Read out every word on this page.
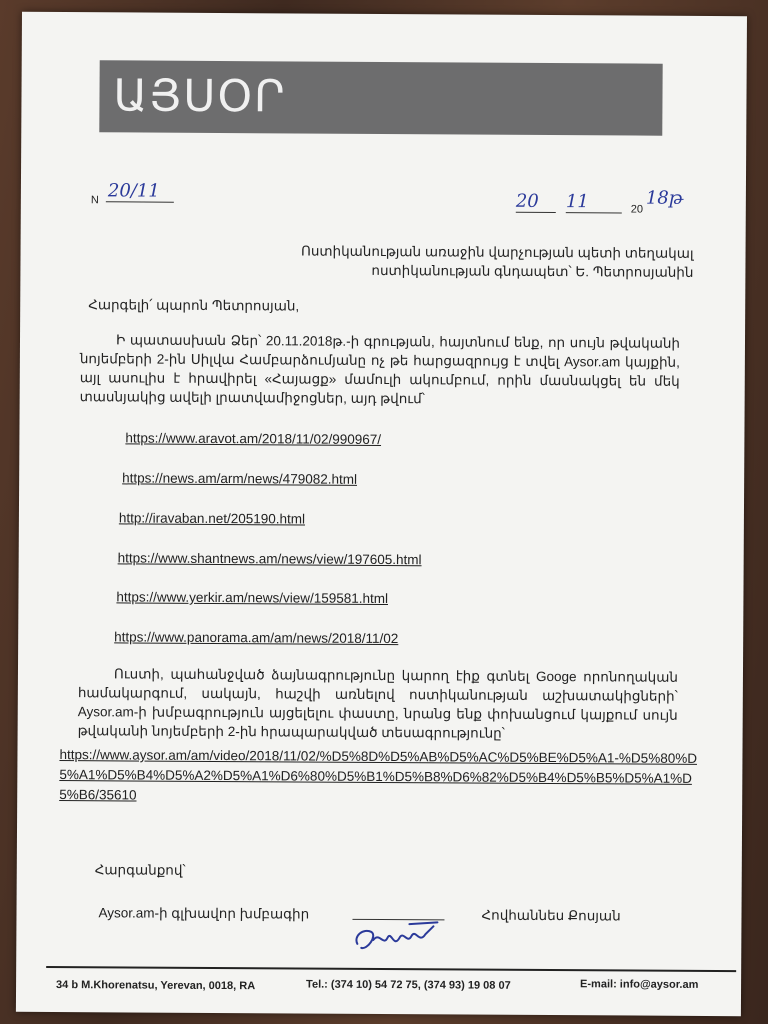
ԱՅՍՕՐ
N 20/11	20	11	20
18թ
Ոստիկանության առաջին վարչության պետի տեղակալ
ոստիկանության գնդապետ՝ Ե. Պետրոսյանին
Հարգելի՛ պարոն Պետրոսյան,
Ի պատասխան Ձեր՝ 20.11.2018թ.-ի գրության, հայտնում ենք, որ սույն թվականի նոյեմբերի 2-ին Սիլվա Համբարձումյանը ոչ թե հարցազրույց է տվել Aysor.am կայքին, այլ ասուլիս է հրավիրել «Հայացք» մամուլի ակումբում, որին մասնակցել են մեկ տասնյակից ավելի լրատվամիջոցներ, այդ թվում՝
https://www.aravot.am/2018/11/02/990967/
https://news.am/arm/news/479082.html
http://iravaban.net/205190.html
https://www.shantnews.am/news/view/197605.html
https://www.yerkir.am/news/view/159581.html
https://www.panorama.am/am/news/2018/11/02
Ուստի, պահանջված ձայնագրությունը կարող էիք գտնել Googe որոնողական համակարգում, սակայն, հաշվի առնելով ոստիկանության աշխատակիցների՝ Aysor.am-ի խմբագրություն այցելելու փաստը, նրանց ենք փոխանցում կայքում սույն թվականի նոյեմբերի 2-ին հրապարակված տեսագրությունը՝
https://www.aysor.am/am/video/2018/11/02/%D5%8D%D5%AB%D5%AC%D5%BE%D5%A1-%D5%80%D5%A1%D5%B4%D5%A2%D5%A1%D6%80%D5%B1%D5%B8%D6%82%D5%B4%D5%B5%D5%A1%D5%B6/35610
Հարգանքով՝
Aysor.am-ի գլխավոր խմբագիր	Հովհաննես Քոսյան
34 b M.Khorenatsu, Yerevan, 0018, RA	Tel.: (374 10) 54 72 75, (374 93) 19 08 07	E-mail: info@aysor.am
